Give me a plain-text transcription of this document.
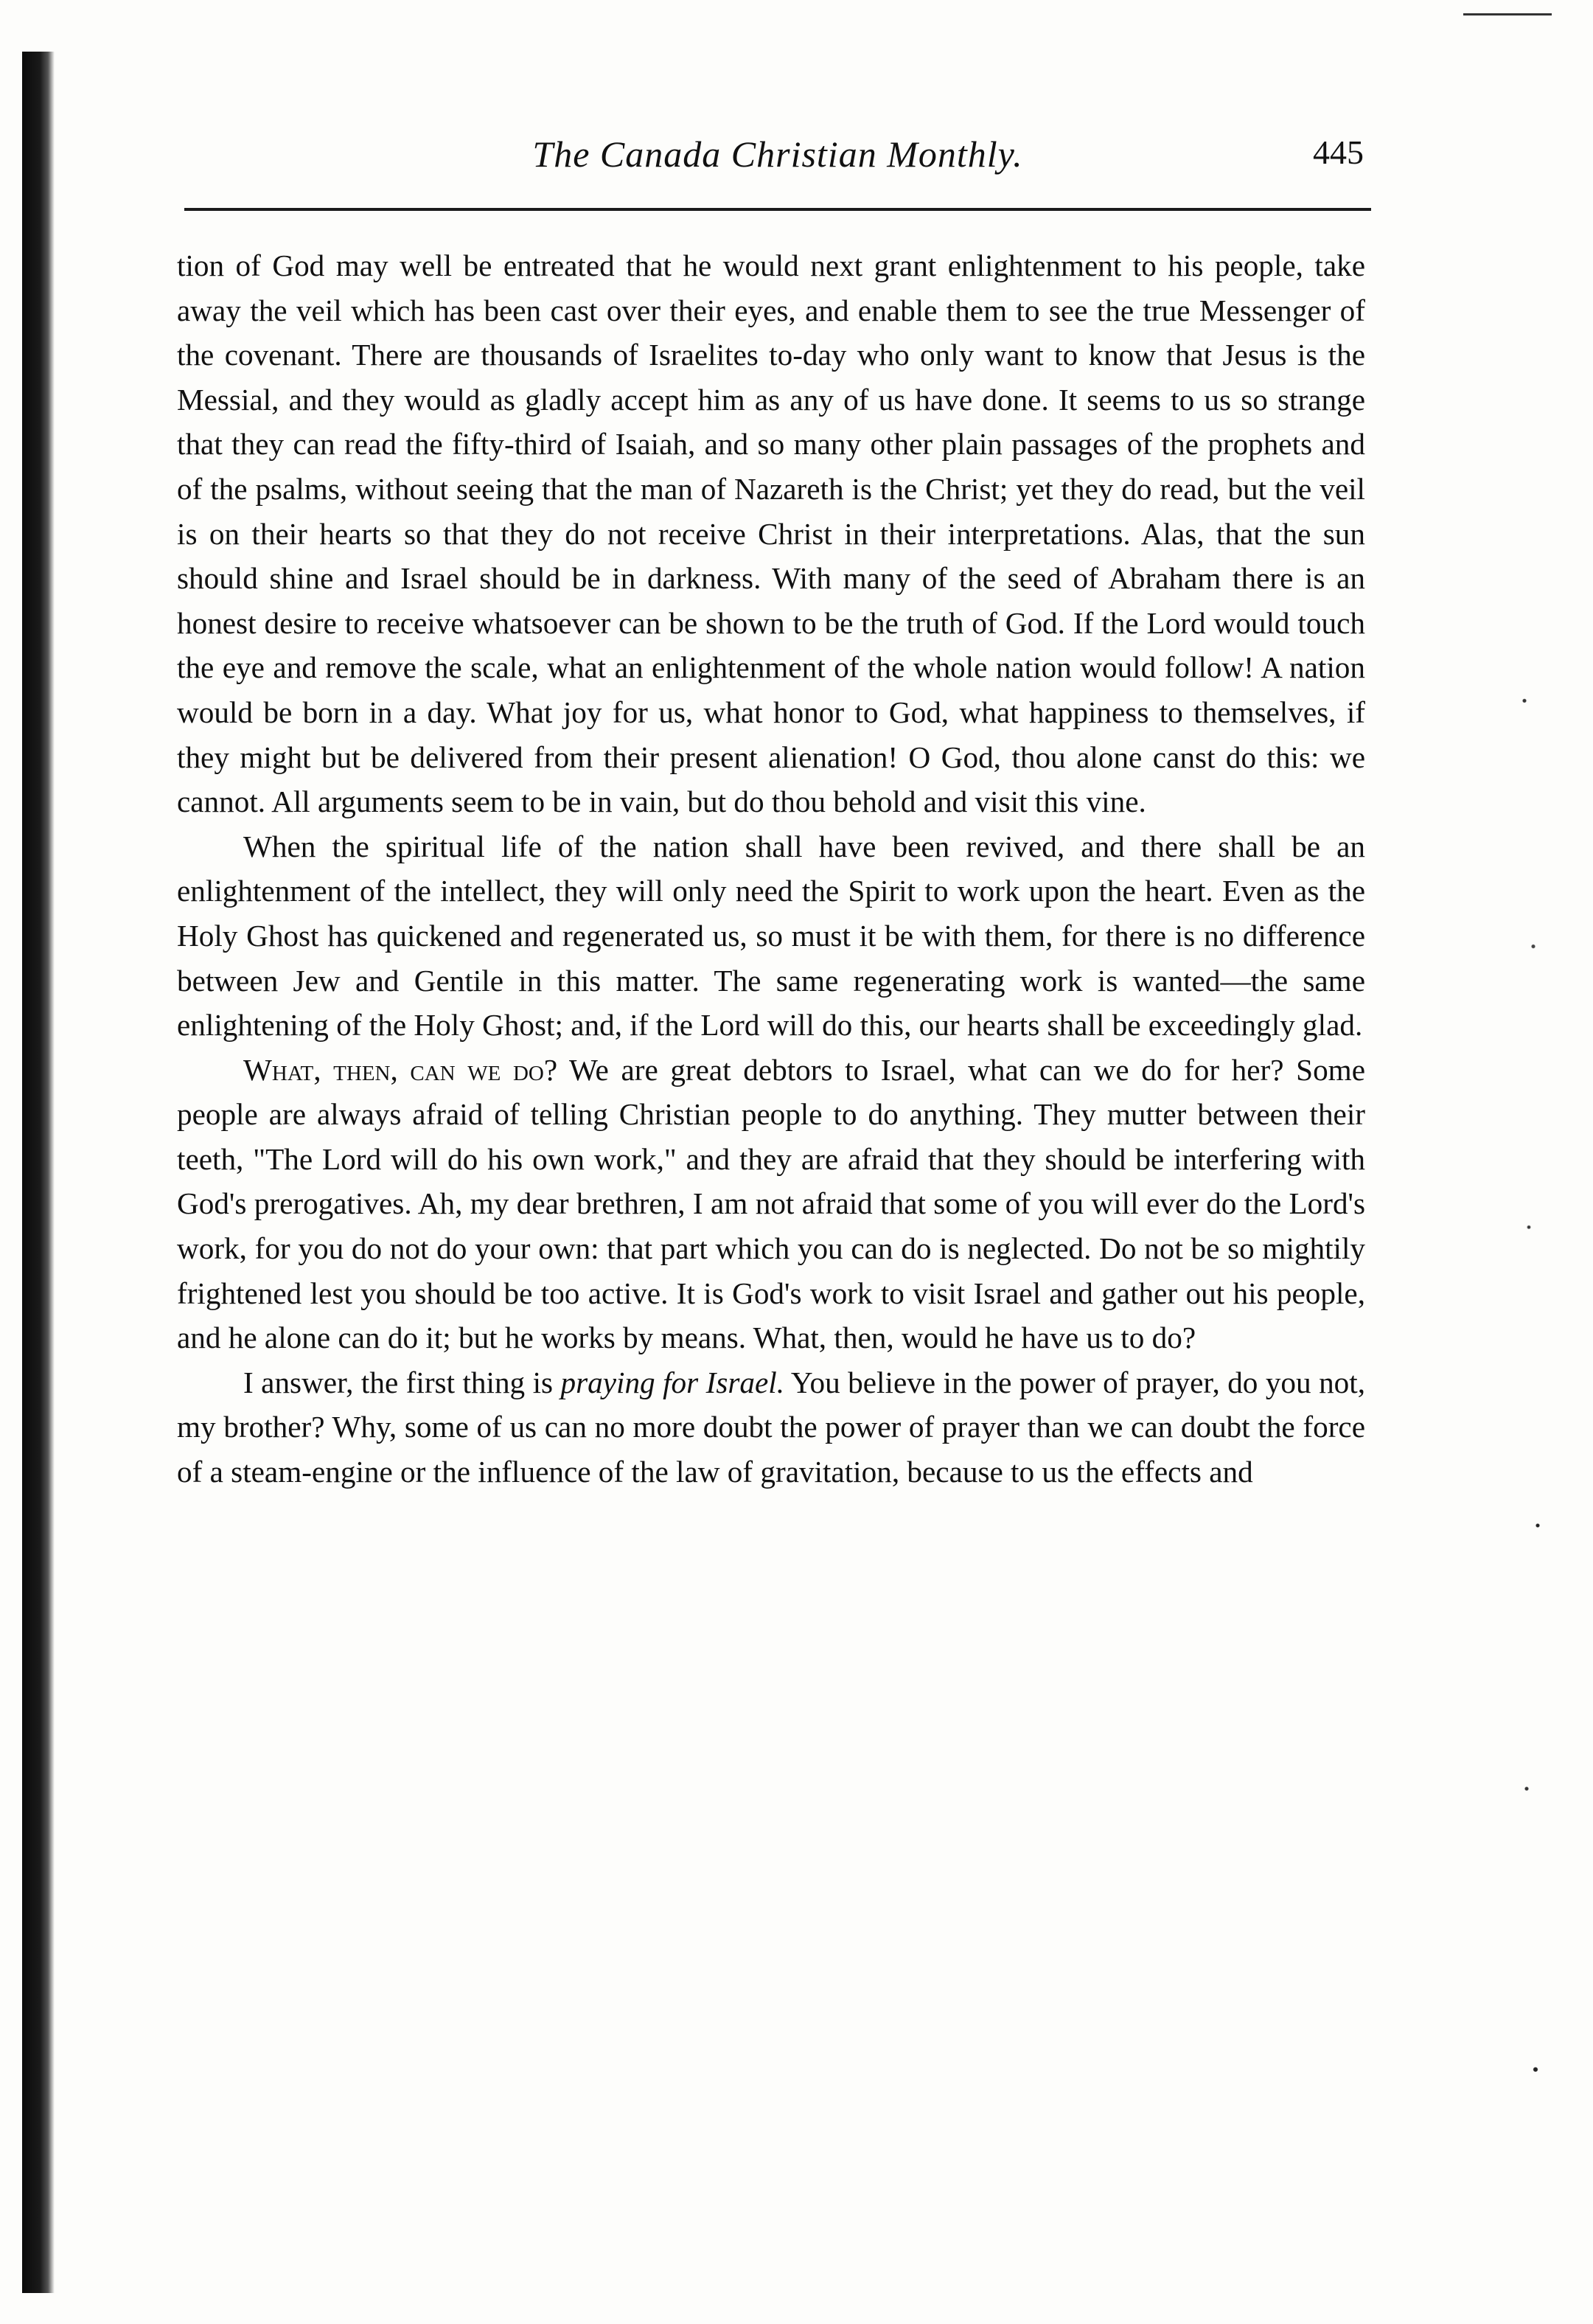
The Canada Christian Monthly.	445

tion of God may well be entreated that he would next grant enlightenment to his people, take away the veil which has been cast over their eyes, and enable them to see the true Messenger of the covenant. There are thousands of Israelites to-day who only want to know that Jesus is the Messial, and they would as gladly accept him as any of us have done. It seems to us so strange that they can read the fifty-third of Isaiah, and so many other plain passages of the prophets and of the psalms, without seeing that the man of Nazareth is the Christ; yet they do read, but the veil is on their hearts so that they do not receive Christ in their interpretations. Alas, that the sun should shine and Israel should be in darkness. With many of the seed of Abraham there is an honest desire to receive whatsoever can be shown to be the truth of God. If the Lord would touch the eye and remove the scale, what an enlightenment of the whole nation would follow! A nation would be born in a day. What joy for us, what honor to God, what happiness to themselves, if they might but be delivered from their present alienation! O God, thou alone canst do this: we cannot. All arguments seem to be in vain, but do thou behold and visit this vine.

When the spiritual life of the nation shall have been revived, and there shall be an enlightenment of the intellect, they will only need the Spirit to work upon the heart. Even as the Holy Ghost has quickened and regenerated us, so must it be with them, for there is no difference between Jew and Gentile in this matter. The same regenerating work is wanted—the same enlightening of the Holy Ghost; and, if the Lord will do this, our hearts shall be exceedingly glad.

What, then, can we do? We are great debtors to Israel, what can we do for her? Some people are always afraid of telling Christian people to do anything. They mutter between their teeth, "The Lord will do his own work," and they are afraid that they should be interfering with God's prerogatives. Ah, my dear brethren, I am not afraid that some of you will ever do the Lord's work, for you do not do your own: that part which you can do is neglected. Do not be so mightily frightened lest you should be too active. It is God's work to visit Israel and gather out his people, and he alone can do it; but he works by means. What, then, would he have us to do?

I answer, the first thing is praying for Israel. You believe in the power of prayer, do you not, my brother? Why, some of us can no more doubt the power of prayer than we can doubt the force of a steam-engine or the influence of the law of gravitation, because to us the effects and
